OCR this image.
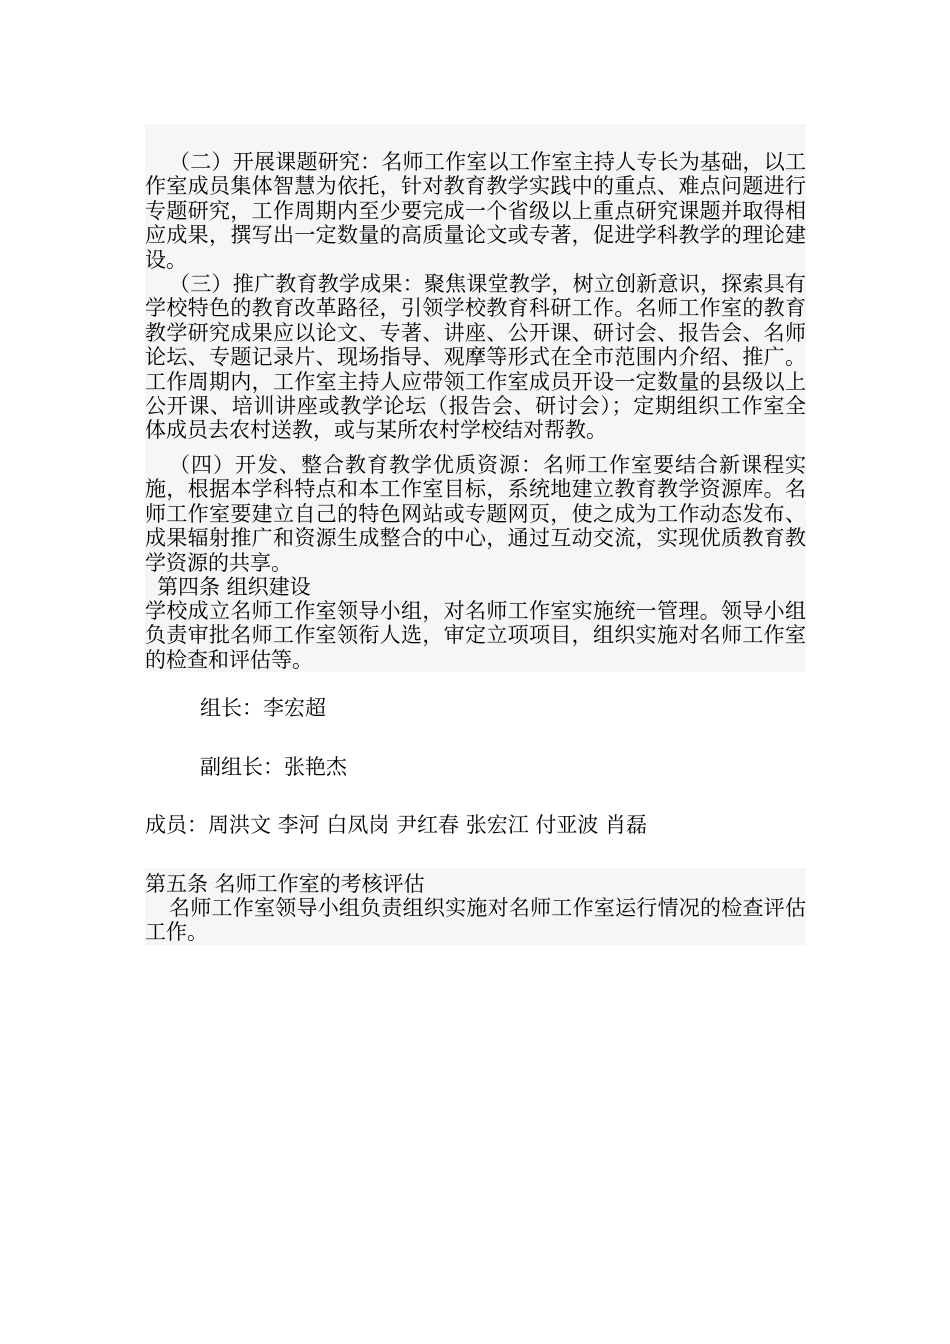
（二）开展课题研究：名师工作室以工作室主持人专长为基础，以工作室成员集体智慧为依托，针对教育教学实践中的重点、难点问题进行专题研究，工作周期内至少要完成一个省级以上重点研究课题并取得相应成果，撰写出一定数量的高质量论文或专著，促进学科教学的理论建设。

（三）推广教育教学成果：聚焦课堂教学，树立创新意识，探索具有学校特色的教育改革路径，引领学校教育科研工作。名师工作室的教育教学研究成果应以论文、专著、讲座、公开课、研讨会、报告会、名师论坛、专题记录片、现场指导、观摩等形式在全市范围内介绍、推广。工作周期内，工作室主持人应带领工作室成员开设一定数量的县级以上公开课、培训讲座或教学论坛（报告会、研讨会）；定期组织工作室全体成员去农村送教，或与某所农村学校结对帮教。

（四）开发、整合教育教学优质资源：名师工作室要结合新课程实施，根据本学科特点和本工作室目标，系统地建立教育教学资源库。名师工作室要建立自己的特色网站或专题网页，使之成为工作动态发布、成果辐射推广和资源生成整合的中心，通过互动交流，实现优质教育教学资源的共享。

第四条 组织建设

学校成立名师工作室领导小组，对名师工作室实施统一管理。领导小组负责审批名师工作室领衔人选，审定立项项目，组织实施对名师工作室的检查和评估等。

组长：李宏超

副组长：张艳杰

成员：周洪文 李河 白凤岗 尹红春 张宏江 付亚波 肖磊

第五条 名师工作室的考核评估

名师工作室领导小组负责组织实施对名师工作室运行情况的检查评估工作。
